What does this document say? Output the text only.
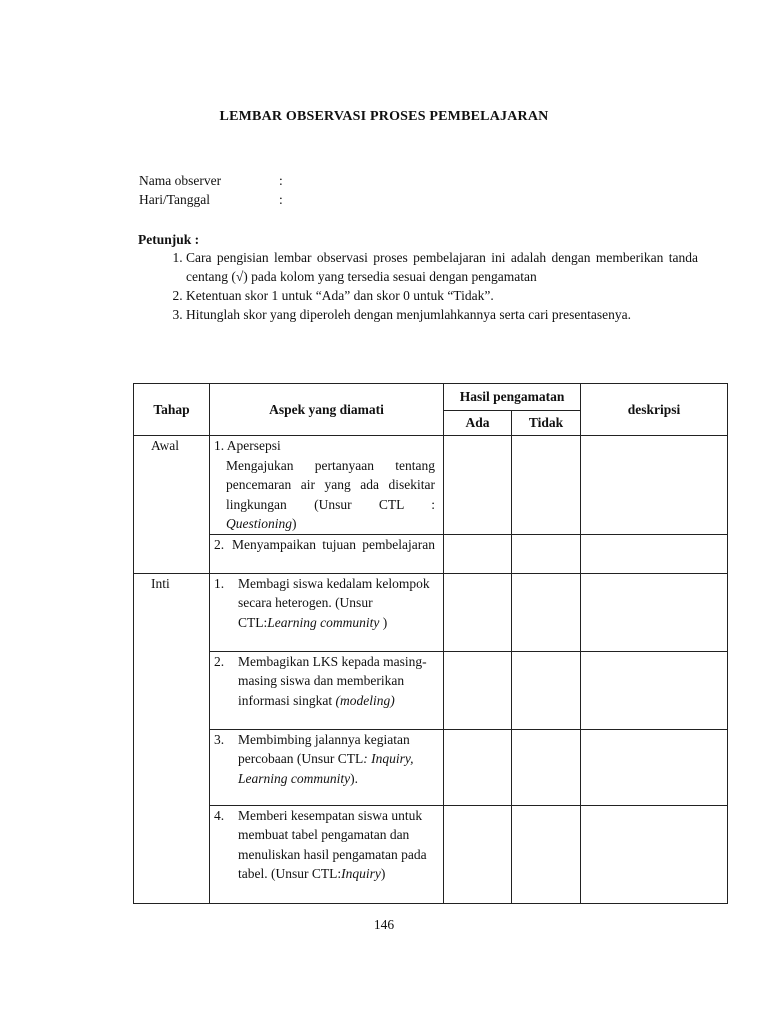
LEMBAR OBSERVASI PROSES PEMBELAJARAN
Nama observer	:
Hari/Tanggal	:
Petunjuk :
1. Cara pengisian lembar observasi proses pembelajaran ini adalah dengan memberikan tanda centang (√) pada kolom yang tersedia sesuai dengan pengamatan
2. Ketentuan skor 1 untuk “Ada” dan skor 0 untuk “Tidak”.
3. Hitunglah skor yang diperoleh dengan menjumlahkannya serta cari presentasenya.
Tahap	Aspek yang diamati	Hasil pengamatan		deskripsi
		Ada	Tidak	
Awal	1. Apersepsi
Mengajukan pertanyaan tentang pencemaran air yang ada disekitar lingkungan (Unsur CTL : Questioning)			

	2. Menyampaikan tujuan pembelajaran			

Inti	1. Membagi siswa kedalam kelompok secara heterogen. (Unsur CTL:Learning community )			

	2. Membagikan LKS kepada masing-masing siswa dan memberikan informasi singkat (modeling)			

	3. Membimbing jalannya kegiatan percobaan (Unsur CTL: Inquiry, Learning community).			

	4. Memberi kesempatan siswa untuk membuat tabel pengamatan dan menuliskan hasil pengamatan pada tabel. (Unsur CTL:Inquiry)			

146
